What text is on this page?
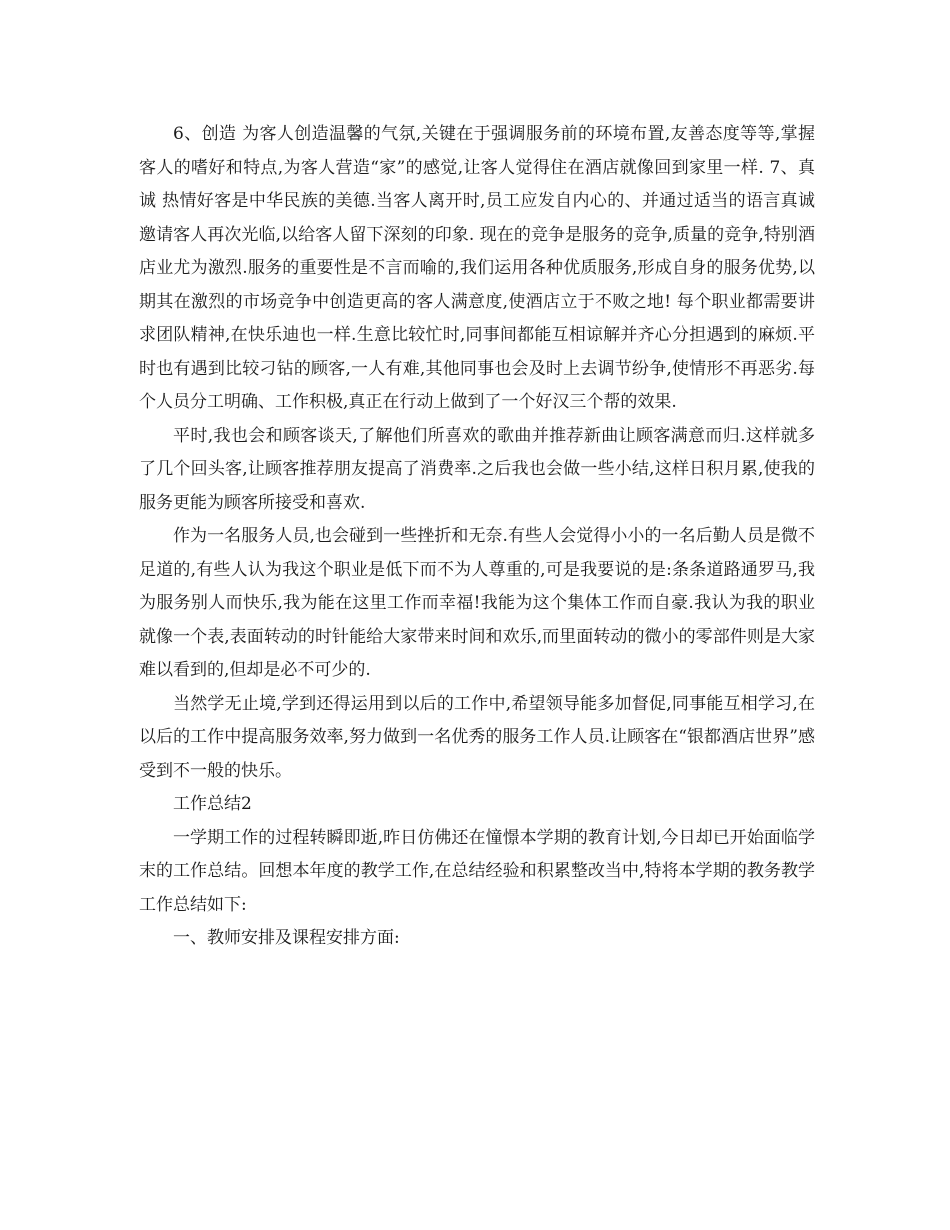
6、创造 为客人创造温馨的气氛,关键在于强调服务前的环境布置,友善态度等等,掌握客人的嗜好和特点,为客人营造“家”的感觉,让客人觉得住在酒店就像回到家里一样. 7、真诚 热情好客是中华民族的美德.当客人离开时,员工应发自内心的、并通过适当的语言真诚邀请客人再次光临,以给客人留下深刻的印象. 现在的竞争是服务的竞争,质量的竞争,特别酒店业尤为激烈.服务的重要性是不言而喻的,我们运用各种优质服务,形成自身的服务优势,以期其在激烈的市场竞争中创造更高的客人满意度,使酒店立于不败之地! 每个职业都需要讲求团队精神,在快乐迪也一样.生意比较忙时,同事间都能互相谅解并齐心分担遇到的麻烦.平时也有遇到比较刁钻的顾客,一人有难,其他同事也会及时上去调节纷争,使情形不再恶劣.每个人员分工明确、工作积极,真正在行动上做到了一个好汉三个帮的效果.

平时,我也会和顾客谈天,了解他们所喜欢的歌曲并推荐新曲让顾客满意而归.这样就多了几个回头客,让顾客推荐朋友提高了消费率.之后我也会做一些小结,这样日积月累,使我的服务更能为顾客所接受和喜欢.

作为一名服务人员,也会碰到一些挫折和无奈.有些人会觉得小小的一名后勤人员是微不足道的,有些人认为我这个职业是低下而不为人尊重的,可是我要说的是:条条道路通罗马,我为服务别人而快乐,我为能在这里工作而幸福!我能为这个集体工作而自豪.我认为我的职业就像一个表,表面转动的时针能给大家带来时间和欢乐,而里面转动的微小的零部件则是大家难以看到的,但却是必不可少的.

当然学无止境,学到还得运用到以后的工作中,希望领导能多加督促,同事能互相学习,在以后的工作中提高服务效率,努力做到一名优秀的服务工作人员.让顾客在“银都酒店世界”感受到不一般的快乐。

工作总结2

一学期工作的过程转瞬即逝,昨日仿佛还在憧憬本学期的教育计划,今日却已开始面临学末的工作总结。回想本年度的教学工作,在总结经验和积累整改当中,特将本学期的教务教学工作总结如下:

一、教师安排及课程安排方面:
